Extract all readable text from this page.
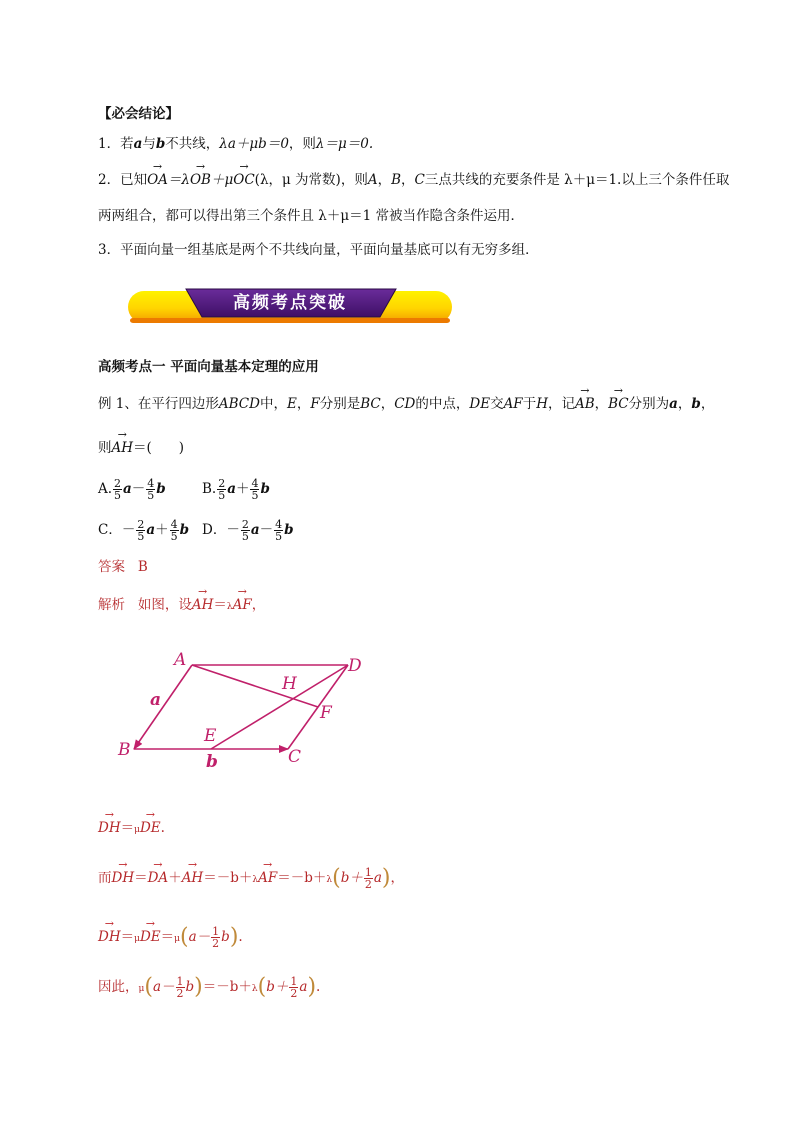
【必会结论】
1．若a与b不共线，λa＋μb＝0，则λ＝μ＝0.
2．已知→ OA＝λ→ OB＋μ→ OC(λ，μ 为常数)，则A，B，C三点共线的充要条件是 λ＋μ＝1.以上三个条件任取
两两组合，都可以得出第三个条件且 λ＋μ＝1 常被当作隐含条件运用．
3．平面向量一组基底是两个不共线向量，平面向量基底可以有无穷多组．
高频考点突破
高频考点一 平面向量基本定理的应用
例 1、在平行四边形ABCD中，E，F分别是BC，CD的中点，DE交AF于H，记→ AB，→ BC分别为a，b，
则→ AH＝(　　)
A. $\frac{2}{5} a- \frac{4}{5}$ b	B. $\frac{2}{5} a+ \frac{4}{5}$ b
C．－ $\frac{2}{5} a+ \frac{4}{5}$ b D．－ $\frac{2}{5} a- \frac{4}{5}$ b
答案 B
解析 如图，设→ AH＝λ→ AF，
A	D
B	C
E
F
H
a
b
→ DH＝μ→ DE.
而→ $DH=\to DA+\to AH=-b+\lambda\to AF=-b+\lambda(b+ \frac{1}{2} a)$，
→ $DH=\mu\to DE=\mu(a- \frac{1}{2} b)$.
因此，$\mu(a- \frac{1}{2} b)=-b+\lambda(b+ \frac{1}{2} a)$.
